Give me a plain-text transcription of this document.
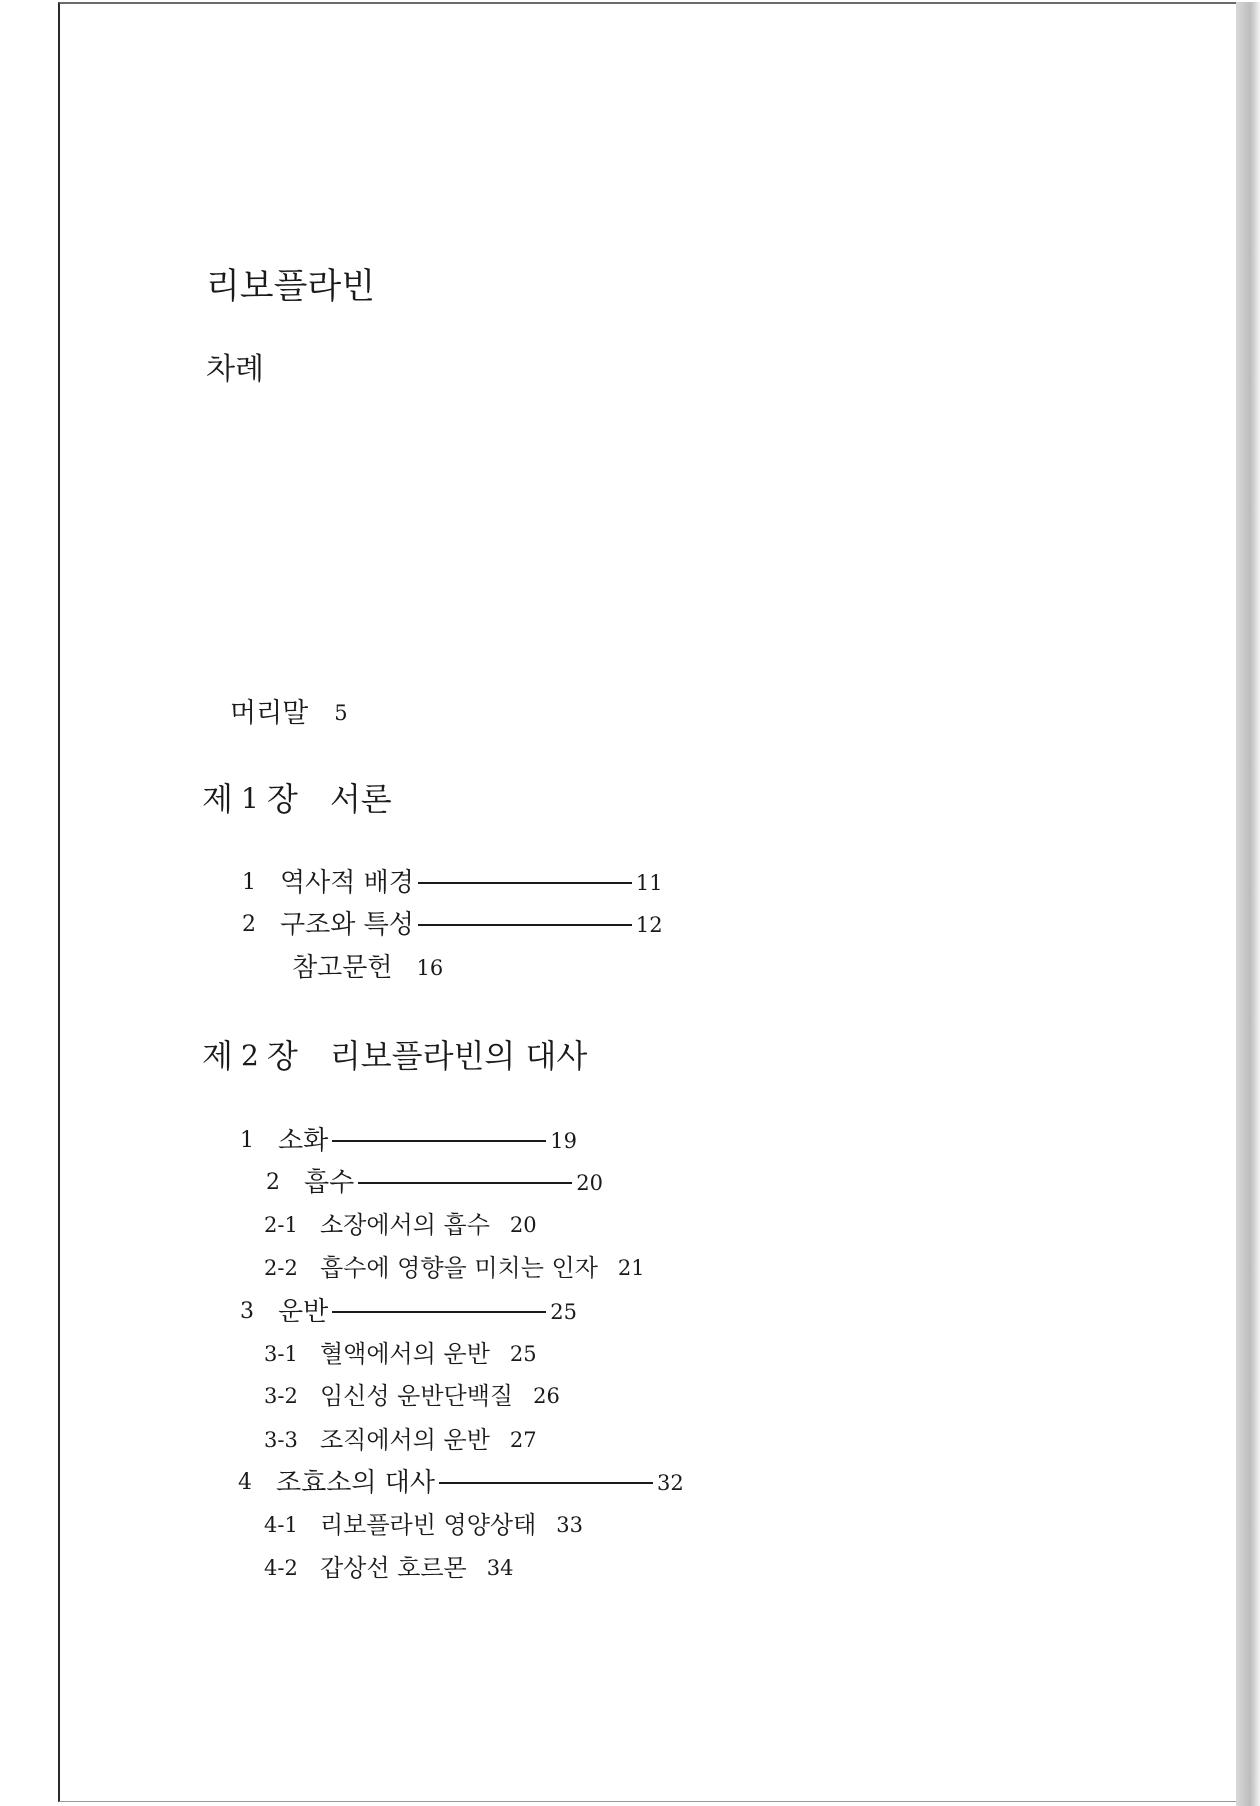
리보플라빈
차례
머리말 5
제 1 장 서론
1 역사적 배경	11
2 구조와 특성	12
참고문헌 16
제 2 장 리보플라빈의 대사
1 소화	19
2 흡수	20
2-1 소장에서의 흡수 20
2-2 흡수에 영향을 미치는 인자 21
3 운반	25
3-1 혈액에서의 운반 25
3-2 임신성 운반단백질 26
3-3 조직에서의 운반 27
4 조효소의 대사	32
4-1 리보플라빈 영양상태 33
4-2 갑상선 호르몬 34
